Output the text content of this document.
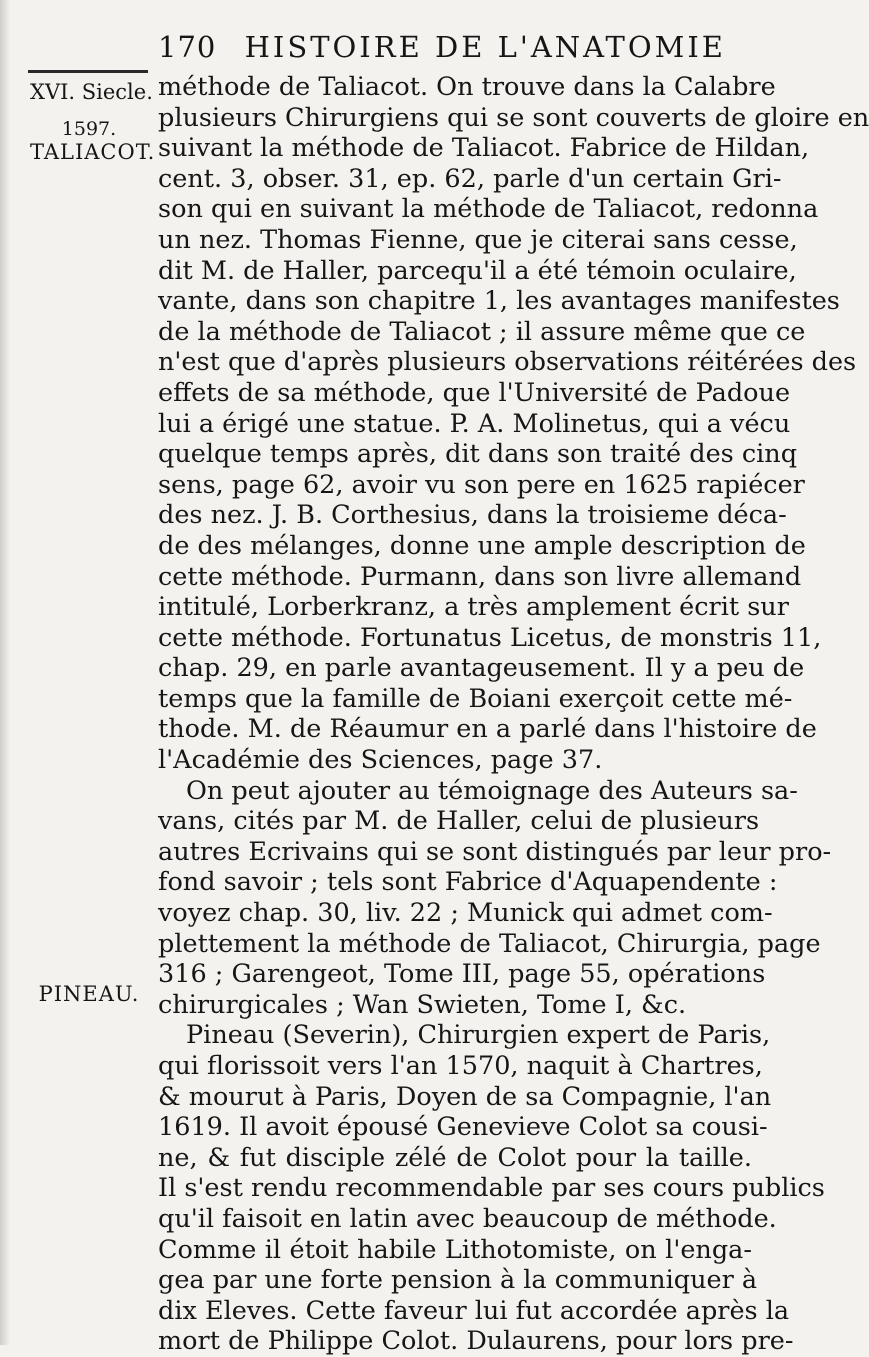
170 HISTOIRE DE L'ANATOMIE
XVI. Siecle.
1597.
TALIACOT.
PINEAU.
méthode de Taliacot. On trouve dans la Calabre
plusieurs Chirurgiens qui se sont couverts de gloire en
suivant la méthode de Taliacot. Fabrice de Hildan,
cent. 3, obser. 31, ep. 62, parle d'un certain Gri-
son qui en suivant la méthode de Taliacot, redonna
un nez. Thomas Fienne, que je citerai sans cesse,
dit M. de Haller, parcequ'il a été témoin oculaire,
vante, dans son chapitre 1, les avantages manifestes
de la méthode de Taliacot ; il assure même que ce
n'est que d'après plusieurs observations réitérées des
effets de sa méthode, que l'Université de Padoue
lui a érigé une statue. P. A. Molinetus, qui a vécu
quelque temps après, dit dans son traité des cinq
sens, page 62, avoir vu son pere en 1625 rapiécer
des nez. J. B. Corthesius, dans la troisieme déca-
de des mélanges, donne une ample description de
cette méthode. Purmann, dans son livre allemand
intitulé, Lorberkranz, a très amplement écrit sur
cette méthode. Fortunatus Licetus, de monstris 11,
chap. 29, en parle avantageusement. Il y a peu de
temps que la famille de Boiani exerçoit cette mé-
thode. M. de Réaumur en a parlé dans l'histoire de
l'Académie des Sciences, page 37.
On peut ajouter au témoignage des Auteurs sa-
vans, cités par M. de Haller, celui de plusieurs
autres Ecrivains qui se sont distingués par leur pro-
fond savoir ; tels sont Fabrice d'Aquapendente :
voyez chap. 30, liv. 22 ; Munick qui admet com-
plettement la méthode de Taliacot, Chirurgia, page
316 ; Garengeot, Tome III, page 55, opérations
chirurgicales ; Wan Swieten, Tome I, &c.
Pineau (Severin), Chirurgien expert de Paris,
qui florissoit vers l'an 1570, naquit à Chartres,
& mourut à Paris, Doyen de sa Compagnie, l'an
1619. Il avoit épousé Genevieve Colot sa cousi-
ne, & fut disciple zélé de Colot pour la taille.
Il s'est rendu recommendable par ses cours publics
qu'il faisoit en latin avec beaucoup de méthode.
Comme il étoit habile Lithotomiste, on l'enga-
gea par une forte pension à la communiquer à
dix Eleves. Cette faveur lui fut accordée après la
mort de Philippe Colot. Dulaurens, pour lors pre-
